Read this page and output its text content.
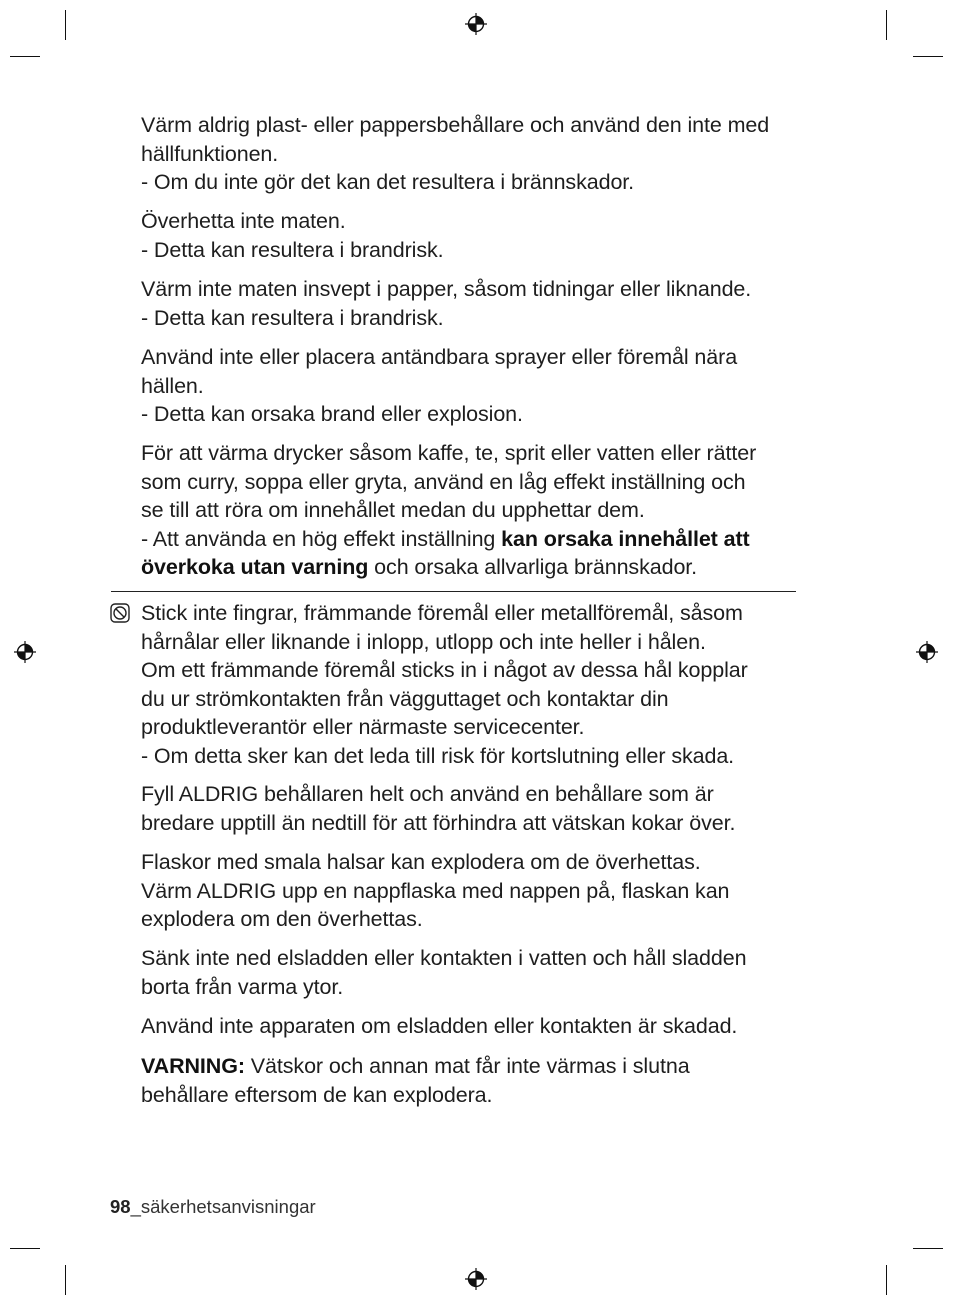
Värm aldrig plast- eller pappersbehållare och använd den inte med

hällfunktionen.

- Om du inte gör det kan det resultera i brännskador.

Överhetta inte maten.

- Detta kan resultera i brandrisk.

Värm inte maten insvept i papper, såsom tidningar eller liknande.

- Detta kan resultera i brandrisk.

Använd inte eller placera antändbara sprayer eller föremål nära

hällen.

- Detta kan orsaka brand eller explosion.

För att värma drycker såsom kaffe, te, sprit eller vatten eller rätter

som curry, soppa eller gryta, använd en låg effekt inställning och

se till att röra om innehållet medan du upphettar dem.

- Att använda en hög effekt inställning kan orsaka innehållet att

överkoka utan varning och orsaka allvarliga brännskador.

Stick inte fingrar, främmande föremål eller metallföremål, såsom

hårnålar eller liknande i inlopp, utlopp och inte heller i hålen.

Om ett främmande föremål sticks in i något av dessa hål kopplar

du ur strömkontakten från vägguttaget och kontaktar din

produktleverantör eller närmaste servicecenter.

- Om detta sker kan det leda till risk för kortslutning eller skada.

Fyll ALDRIG behållaren helt och använd en behållare som är

bredare upptill än nedtill för att förhindra att vätskan kokar över.

Flaskor med smala halsar kan explodera om de överhettas.

Värm ALDRIG upp en nappflaska med nappen på, flaskan kan

explodera om den överhettas.

Sänk inte ned elsladden eller kontakten i vatten och håll sladden

borta från varma ytor.

Använd inte apparaten om elsladden eller kontakten är skadad.

VARNING: Vätskor och annan mat får inte värmas i slutna

behållare eftersom de kan explodera.

98_säkerhetsanvisningar
